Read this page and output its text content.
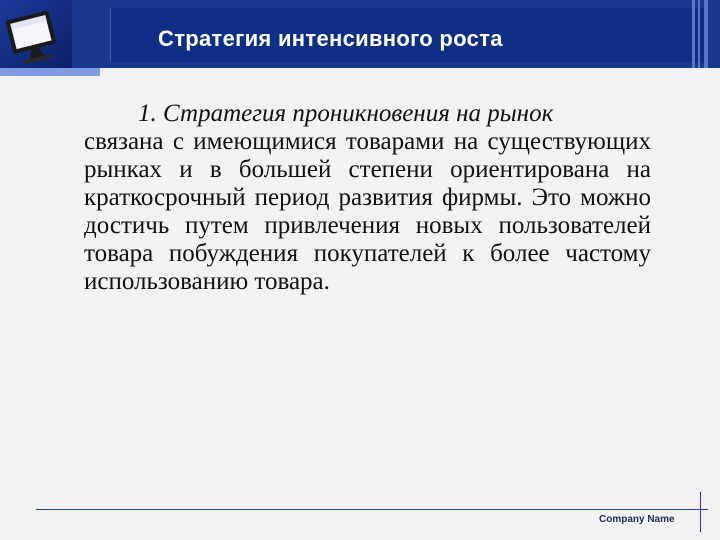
Стратегия интенсивного роста
1. Стратегия проникновения на рынок
связана с имеющимися товарами на существующих рынках и в большей степени ориентирована на краткосрочный период развития фирмы. Это можно достичь путем привлечения новых пользователей товара побуждения покупателей к более частому использованию товара.
Company Name
